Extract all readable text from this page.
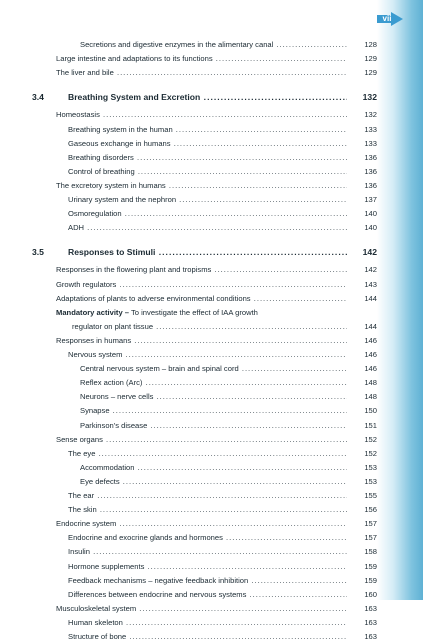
vii
Secretions and digestive enzymes in the alimentary canal .....	128
Large intestine and adaptations to its functions .....	129
The liver and bile .....	129
3.4	Breathing System and Excretion .....	132
Homeostasis .....	132
Breathing system in the human .....	133
Gaseous exchange in humans .....	133
Breathing disorders .....	136
Control of breathing .....	136
The excretory system in humans .....	136
Urinary system and the nephron .....	137
Osmoregulation .....	140
ADH .....	140
3.5	Responses to Stimuli .....	142
Responses in the flowering plant and tropisms .....	142
Growth regulators .....	143
Adaptations of plants to adverse environmental conditions .....	144
Mandatory activity – To investigate the effect of IAA growth
regulator on plant tissue .....	144
Responses in humans .....	146
Nervous system .....	146
Central nervous system – brain and spinal cord .....	146
Reflex action (Arc) .....	148
Neurons – nerve cells .....	148
Synapse .....	150
Parkinson's disease .....	151
Sense organs .....	152
The eye .....	152
Accommodation .....	153
Eye defects .....	153
The ear .....	155
The skin .....	156
Endocrine system .....	157
Endocrine and exocrine glands and hormones .....	157
Insulin .....	158
Hormone supplements .....	159
Feedback mechanisms – negative feedback inhibition .....	159
Differences between endocrine and nervous systems .....	160
Musculoskeletal system .....	163
Human skeleton .....	163
Structure of bone .....	163
